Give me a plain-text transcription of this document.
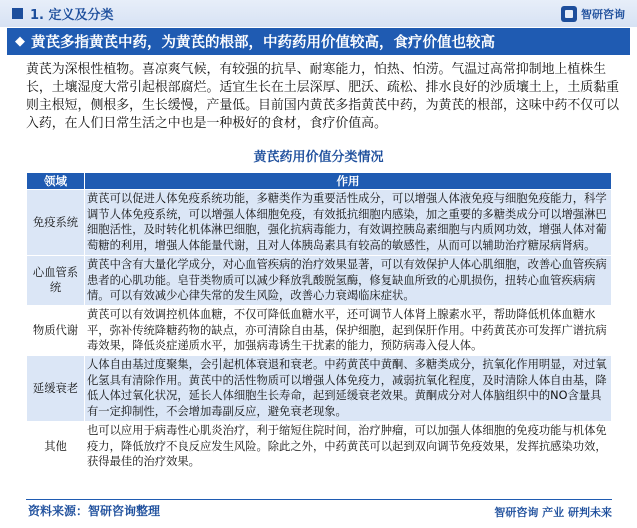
1. 定义及分类	智研咨询
◆ 黄芪多指黄芪中药，为黄芪的根部，中药药用价值较高，食疗价值也较高

黄芪为深根性植物。喜凉爽气候，有较强的抗旱、耐寒能力，怕热、怕涝。气温过高常抑制地上植株生长，土壤湿度大常引起根部腐烂。适宜生长在土层深厚、肥沃、疏松、排水良好的沙质壤土上，土质黏重则主根短，侧根多，生长缓慢，产量低。目前国内黄芪多指黄芪中药，为黄芪的根部，这味中药不仅可以入药，在人们日常生活之中也是一种极好的食材，食疗价值高。

黄芪药用价值分类情况
领域	作用
免疫系统	黄芪可以促进人体免疫系统功能，多糖类作为重要活性成分，可以增强人体液免疫与细胞免疫能力，科学调节人体免疫系统，可以增强人体细胞免疫，有效抵抗细胞内感染，加之重要的多糖类成分可以增强淋巴细胞活性，及时转化机体淋巴细胞，强化抗病毒能力，有效调控胰岛素细胞与内质网功效，增强人体对葡萄糖的利用，增强人体能量代谢，且对人体胰岛素具有较高的敏感性，从而可以辅助治疗糖尿病肾病。
心血管系统	黄芪中含有大量化学成分，对心血管疾病的治疗效果显著，可以有效保护人体心肌细胞，改善心血管疾病患者的心肌功能。皂苷类物质可以减少释放乳酸脱氢酶，修复缺血所致的心肌损伤，扭转心血管疾病病情。可以有效减少心律失常的发生风险，改善心力衰竭临床症状。
物质代谢	黄芪可以有效调控机体血糖，不仅可降低血糖水平，还可调节人体肾上腺素水平，帮助降低机体血糖水平，弥补传统降糖药物的缺点，亦可清除自由基，保护细胞，起到保肝作用。中药黄芪亦可发挥广谱抗病毒效果，降低炎症递质水平，加强病毒诱生干扰素的能力，预防病毒入侵人体。
延缓衰老	人体自由基过度聚集，会引起机体衰退和衰老。中药黄芪中黄酮、多糖类成分，抗氧化作用明显，对过氧化氢具有清除作用。黄芪中的活性物质可以增强人体免疫力，减弱抗氧化程度，及时清除人体自由基，降低人体过氧化状况，延长人体细胞生长寿命，起到延缓衰老效果。黄酮成分对人体脑组织中的NO含量具有一定抑制性，不会增加毒副反应，避免衰老现象。
其他	也可以应用于病毒性心肌炎治疗，利于缩短住院时间，治疗肿瘤，可以加强人体细胞的免疫功能与机体免疫力，降低放疗不良反应发生风险。除此之外，中药黄芪可以起到双向调节免疫效果，发挥抗感染功效，获得最佳的治疗效果。
资料来源：智研咨询整理	智研咨询 产业 研判未来
